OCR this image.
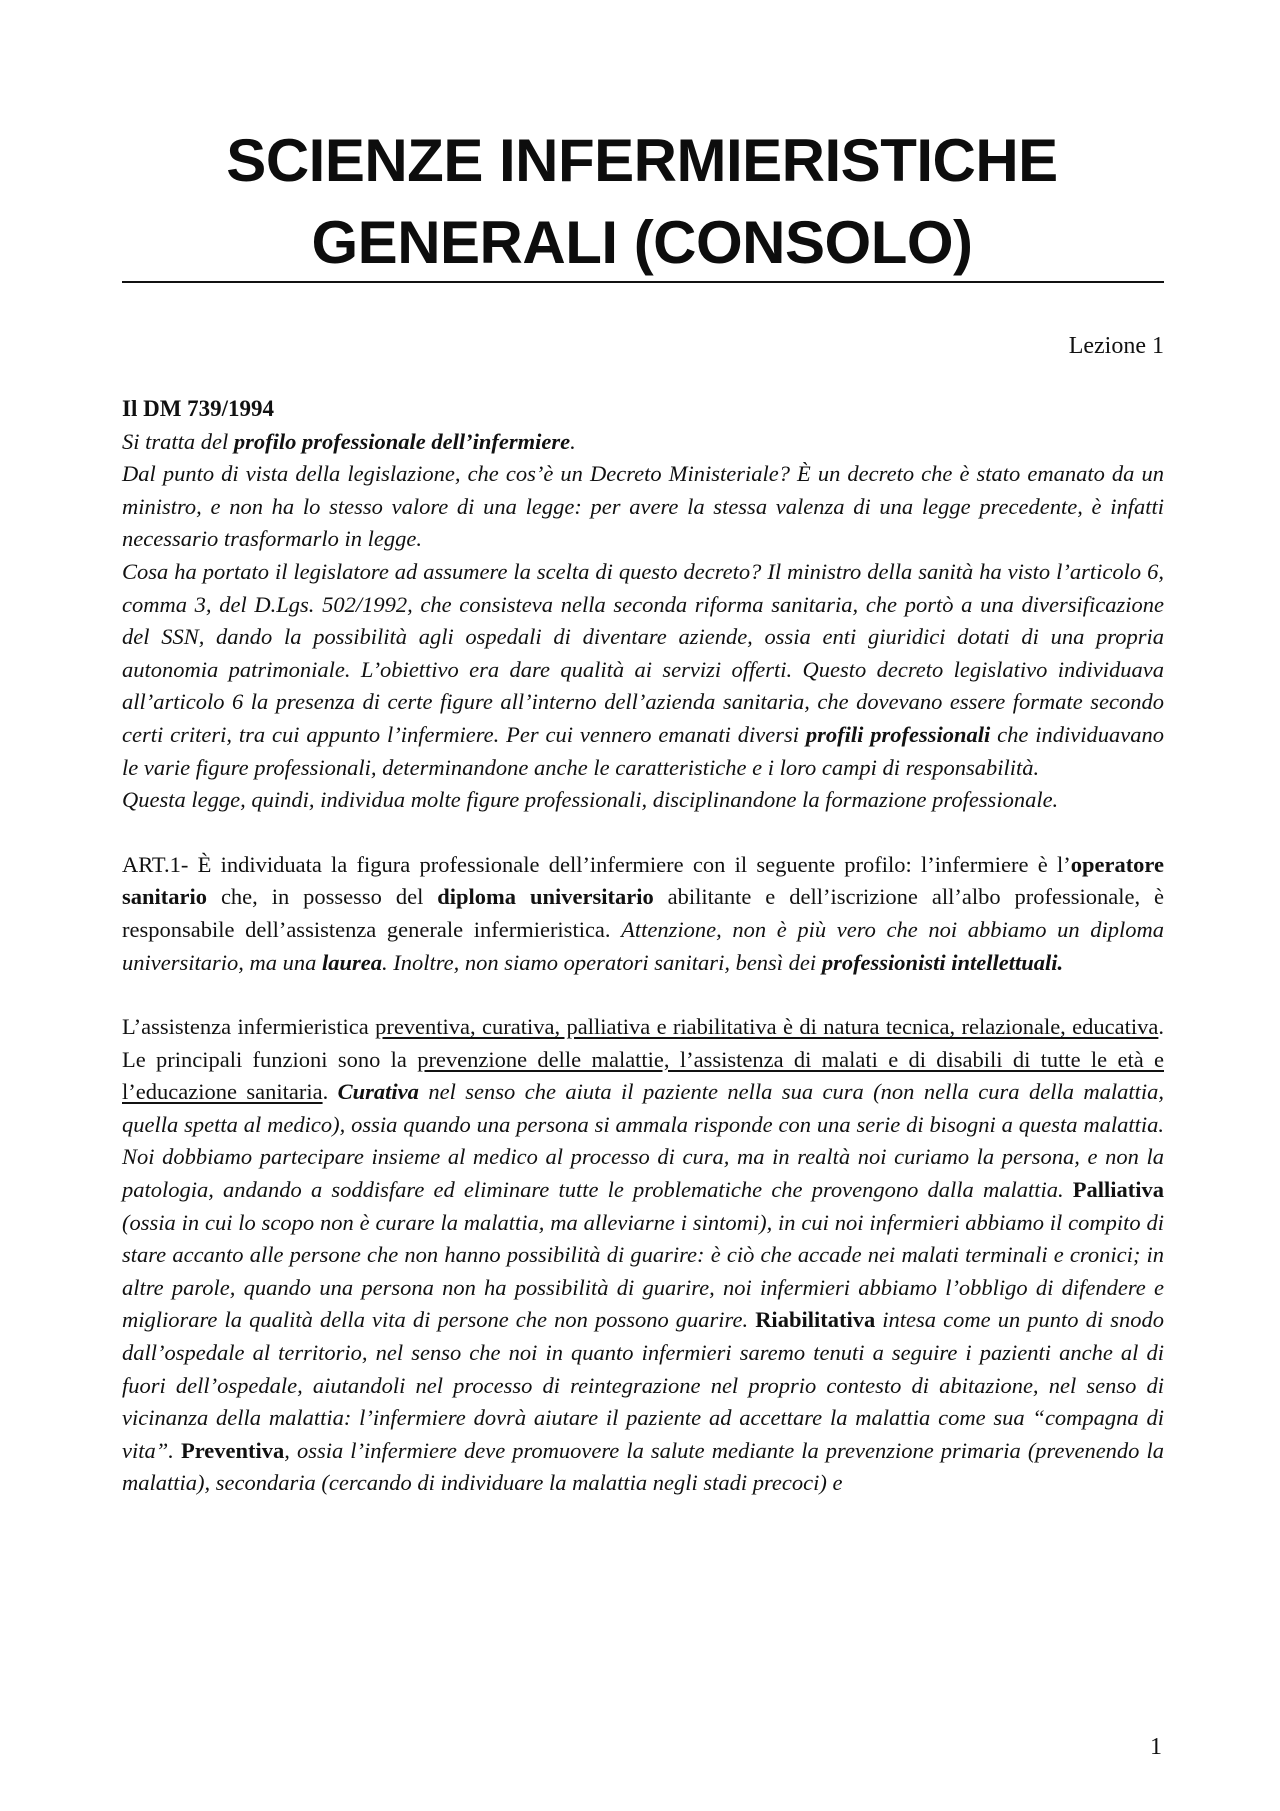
SCIENZE INFERMIERISTICHE GENERALI (CONSOLO)
Lezione 1

Il DM 739/1994

Si tratta del profilo professionale dell’infermiere.

Dal punto di vista della legislazione, che cos’è un Decreto Ministeriale? È un decreto che è stato emanato da un ministro, e non ha lo stesso valore di una legge: per avere la stessa valenza di una legge precedente, è infatti necessario trasformarlo in legge.

Cosa ha portato il legislatore ad assumere la scelta di questo decreto? Il ministro della sanità ha visto l’articolo 6, comma 3, del D.Lgs. 502/1992, che consisteva nella seconda riforma sanitaria, che portò a una diversificazione del SSN, dando la possibilità agli ospedali di diventare aziende, ossia enti giuridici dotati di una propria autonomia patrimoniale. L’obiettivo era dare qualità ai servizi offerti. Questo decreto legislativo individuava all’articolo 6 la presenza di certe figure all’interno dell’azienda sanitaria, che dovevano essere formate secondo certi criteri, tra cui appunto l’infermiere. Per cui vennero emanati diversi profili professionali che individuavano le varie figure professionali, determinandone anche le caratteristiche e i loro campi di responsabilità.

Questa legge, quindi, individua molte figure professionali, disciplinandone la formazione professionale.

ART.1- È individuata la figura professionale dell’infermiere con il seguente profilo: l’infermiere è l’operatore sanitario che, in possesso del diploma universitario abilitante e dell’iscrizione all’albo professionale, è responsabile dell’assistenza generale infermieristica. Attenzione, non è più vero che noi abbiamo un diploma universitario, ma una laurea. Inoltre, non siamo operatori sanitari, bensì dei professionisti intellettuali.

L’assistenza infermieristica preventiva, curativa, palliativa e riabilitativa è di natura tecnica, relazionale, educativa. Le principali funzioni sono la prevenzione delle malattie, l’assistenza di malati e di disabili di tutte le età e l’educazione sanitaria. Curativa nel senso che aiuta il paziente nella sua cura (non nella cura della malattia, quella spetta al medico), ossia quando una persona si ammala risponde con una serie di bisogni a questa malattia. Noi dobbiamo partecipare insieme al medico al processo di cura, ma in realtà noi curiamo la persona, e non la patologia, andando a soddisfare ed eliminare tutte le problematiche che provengono dalla malattia. Palliativa (ossia in cui lo scopo non è curare la malattia, ma alleviarne i sintomi), in cui noi infermieri abbiamo il compito di stare accanto alle persone che non hanno possibilità di guarire: è ciò che accade nei malati terminali e cronici; in altre parole, quando una persona non ha possibilità di guarire, noi infermieri abbiamo l’obbligo di difendere e migliorare la qualità della vita di persone che non possono guarire. Riabilitativa intesa come un punto di snodo dall’ospedale al territorio, nel senso che noi in quanto infermieri saremo tenuti a seguire i pazienti anche al di fuori dell’ospedale, aiutandoli nel processo di reintegrazione nel proprio contesto di abitazione, nel senso di vicinanza della malattia: l’infermiere dovrà aiutare il paziente ad accettare la malattia come sua “compagna di vita”. Preventiva, ossia l’infermiere deve promuovere la salute mediante la prevenzione primaria (prevenendo la malattia), secondaria (cercando di individuare la malattia negli stadi precoci) e

1
